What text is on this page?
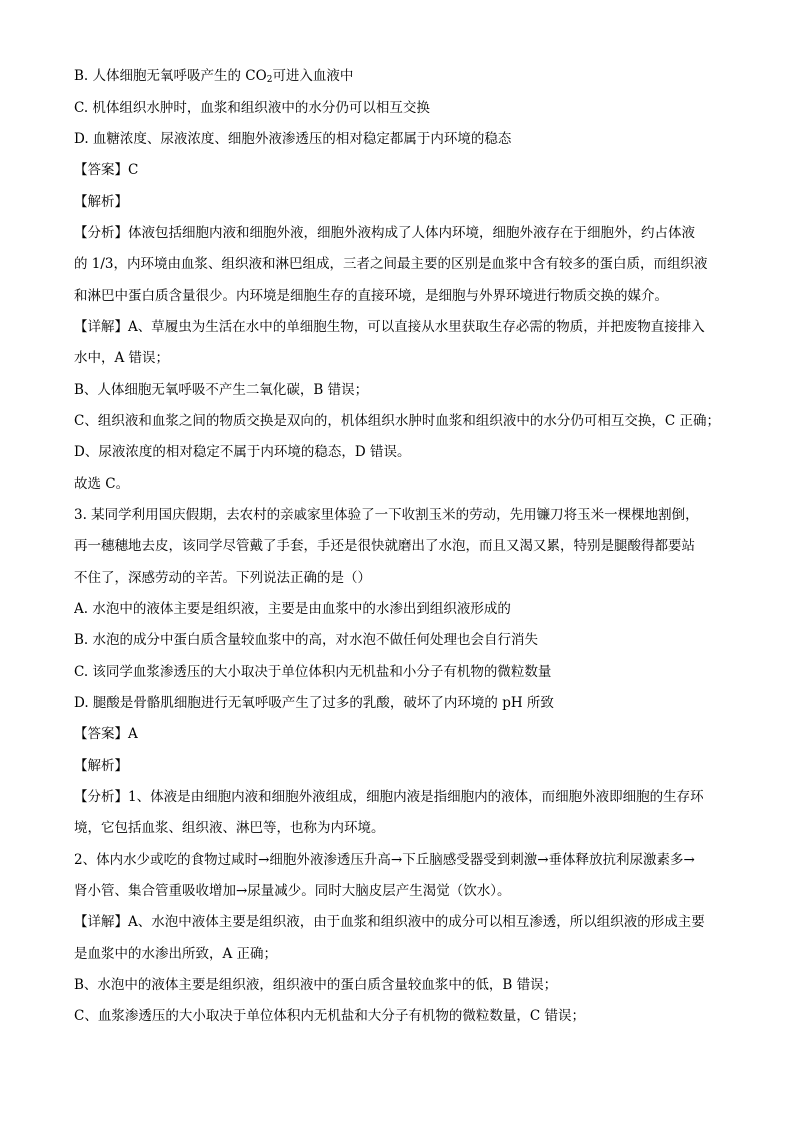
B. 人体细胞无氧呼吸产生的 $CO_2$可进入血液中
C. 机体组织水肿时，血浆和组织液中的水分仍可以相互交换
D. 血糖浓度、尿液浓度、细胞外液渗透压的相对稳定都属于内环境的稳态
【答案】C
【解析】
【分析】体液包括细胞内液和细胞外液，细胞外液构成了人体内环境，细胞外液存在于细胞外，约占体液
的 1/3，内环境由血浆、组织液和淋巴组成，三者之间最主要的区别是血浆中含有较多的蛋白质，而组织液
和淋巴中蛋白质含量很少。内环境是细胞生存的直接环境，是细胞与外界环境进行物质交换的媒介。
【详解】A、草履虫为生活在水中的单细胞生物，可以直接从水里获取生存必需的物质，并把废物直接排入
水中，A 错误；
B、人体细胞无氧呼吸不产生二氧化碳，B 错误；
C、组织液和血浆之间的物质交换是双向的，机体组织水肿时血浆和组织液中的水分仍可相互交换，C 正确；
D、尿液浓度的相对稳定不属于内环境的稳态，D 错误。
故选 C。
3. 某同学利用国庆假期，去农村的亲戚家里体验了一下收割玉米的劳动，先用镰刀将玉米一棵棵地割倒，
再一穗穗地去皮，该同学尽管戴了手套，手还是很快就磨出了水泡，而且又渴又累，特别是腿酸得都要站
不住了，深感劳动的辛苦。下列说法正确的是（）
A. 水泡中的液体主要是组织液，主要是由血浆中的水渗出到组织液形成的
B. 水泡的成分中蛋白质含量较血浆中的高，对水泡不做任何处理也会自行消失
C. 该同学血浆渗透压的大小取决于单位体积内无机盐和小分子有机物的微粒数量
D. 腿酸是骨骼肌细胞进行无氧呼吸产生了过多的乳酸，破坏了内环境的 pH 所致
【答案】A
【解析】
【分析】1、体液是由细胞内液和细胞外液组成，细胞内液是指细胞内的液体，而细胞外液即细胞的生存环
境，它包括血浆、组织液、淋巴等，也称为内环境。
2、体内水少或吃的食物过咸时→细胞外液渗透压升高→下丘脑感受器受到刺激→垂体释放抗利尿激素多→
肾小管、集合管重吸收增加→尿量减少。同时大脑皮层产生渴觉（饮水）。
【详解】A、水泡中液体主要是组织液，由于血浆和组织液中的成分可以相互渗透，所以组织液的形成主要
是血浆中的水渗出所致，A 正确；
B、水泡中的液体主要是组织液，组织液中的蛋白质含量较血浆中的低，B 错误；
C、血浆渗透压的大小取决于单位体积内无机盐和大分子有机物的微粒数量，C 错误；
